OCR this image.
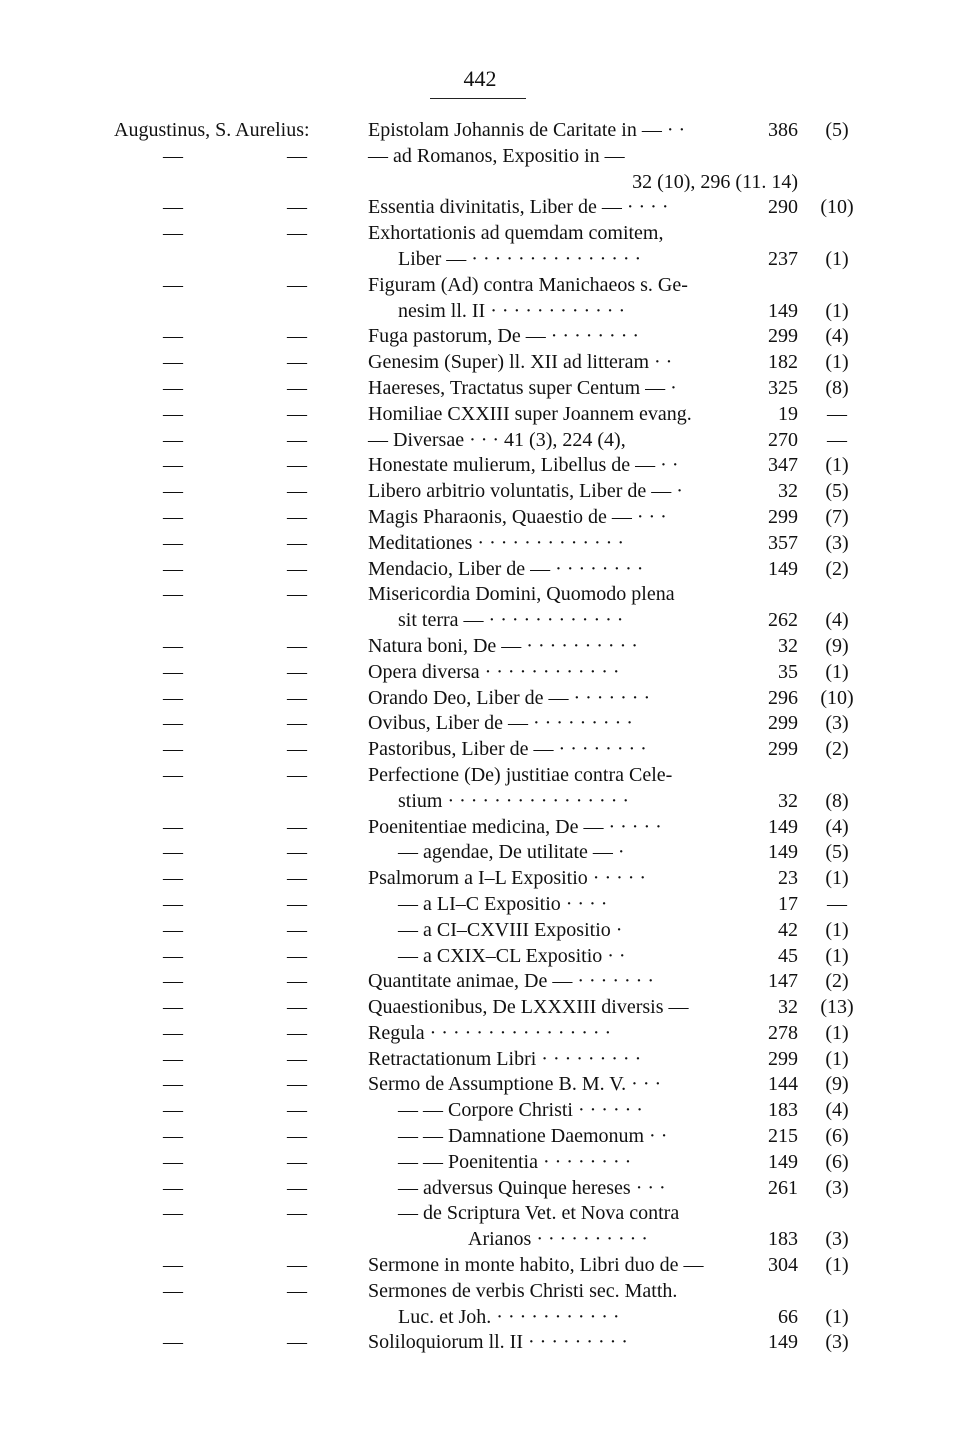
442
Augustinus, S. Aurelius:	Epistolam Johannis de Caritate in — · ·	386	(5)
—	—	— ad Romanos, Expositio in —
32 (10), 296 (11. 14)
—	—	Essentia divinitatis, Liber de — · · · ·	290	(10)
—	—	Exhortationis ad quemdam comitem,
Liber — · · · · · · · · · · · · · · ·	237	(1)
—	—	Figuram (Ad) contra Manichaeos s. Ge-
nesim ll. II · · · · · · · · · · · ·	149	(1)
—	—	Fuga pastorum, De — · · · · · · · ·	299	(4)
—	—	Genesim (Super) ll. XII ad litteram · ·	182	(1)
—	—	Haereses, Tractatus super Centum — ·	325	(8)
—	—	Homiliae CXXIII super Joannem evang.	19	—
—	—	— Diversae · · · 41 (3), 224 (4),	270	—
—	—	Honestate mulierum, Libellus de — · ·	347	(1)
—	—	Libero arbitrio voluntatis, Liber de — ·	32	(5)
—	—	Magis Pharaonis, Quaestio de — · · ·	299	(7)
—	—	Meditationes · · · · · · · · · · · · ·	357	(3)
—	—	Mendacio, Liber de — · · · · · · · ·	149	(2)
—	—	Misericordia Domini, Quomodo plena
sit terra — · · · · · · · · · · · ·	262	(4)
—	—	Natura boni, De — · · · · · · · · · ·	32	(9)
—	—	Opera diversa · · · · · · · · · · · ·	35	(1)
—	—	Orando Deo, Liber de — · · · · · · ·	296	(10)
—	—	Ovibus, Liber de — · · · · · · · · ·	299	(3)
—	—	Pastoribus, Liber de — · · · · · · · ·	299	(2)
—	—	Perfectione (De) justitiae contra Cele-
stium · · · · · · · · · · · · · · · ·	32	(8)
—	—	Poenitentiae medicina, De — · · · · ·	149	(4)
—	—	— agendae, De utilitate — ·	149	(5)
—	—	Psalmorum a I–L Expositio · · · · ·	23	(1)
—	—	— a LI–C Expositio · · · ·	17	—
—	—	— a CI–CXVIII Expositio ·	42	(1)
—	—	— a CXIX–CL Expositio · ·	45	(1)
—	—	Quantitate animae, De — · · · · · · ·	147	(2)
—	—	Quaestionibus, De LXXXIII diversis —	32	(13)
—	—	Regula · · · · · · · · · · · · · · · ·	278	(1)
—	—	Retractationum Libri · · · · · · · · ·	299	(1)
—	—	Sermo de Assumptione B. M. V. · · ·	144	(9)
—	—	— — Corpore Christi · · · · · ·	183	(4)
—	—	— — Damnatione Daemonum · ·	215	(6)
—	—	— — Poenitentia · · · · · · · ·	149	(6)
—	—	— adversus Quinque hereses · · ·	261	(3)
—	—	— de Scriptura Vet. et Nova contra
Arianos · · · · · · · · · ·	183	(3)
—	—	Sermone in monte habito, Libri duo de —	304	(1)
—	—	Sermones de verbis Christi sec. Matth.
Luc. et Joh. · · · · · · · · · · ·	66	(1)
—	—	Soliloquiorum ll. II · · · · · · · · ·	149	(3)
